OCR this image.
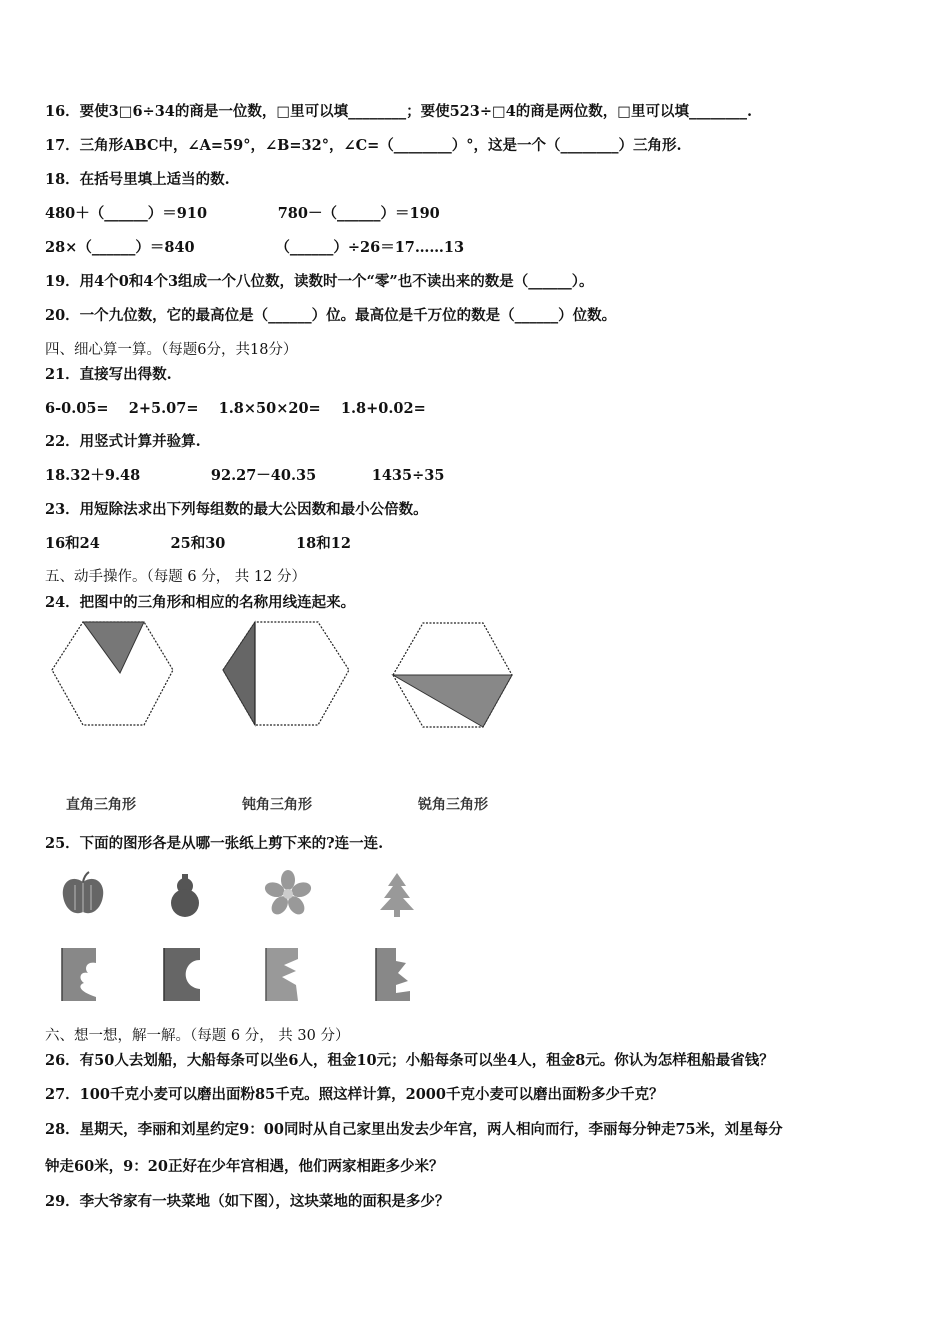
16．要使3□6÷34的商是一位数，□里可以填________；要使523÷□4的商是两位数，□里可以填________.
17．三角形ABC中，∠A=59°，∠B=32°，∠C=（________）°，这是一个（________）三角形.
18．在括号里填上适当的数.
480＋（______）＝910              780－（______）＝190
28×（______）＝840                （______）÷26＝17……13
19．用4个0和4个3组成一个八位数，读数时一个“零”也不读出来的数是（______）。
20．一个九位数，它的最高位是（______）位。最高位是千万位的数是（______）位数。
四、细心算一算。（每题6分，共18分）
21．直接写出得数.
6-0.05=    2+5.07=    1.8×50×20=    1.8+0.02=
22．用竖式计算并验算.
18.32＋9.48              92.27－40.35           1435÷35
23．用短除法求出下列每组数的最大公因数和最小公倍数。
16和24              25和30              18和12
五、动手操作。（每题 6 分， 共 12 分）
24．把图中的三角形和相应的名称用线连起来。
直角三角形	钝角三角形	锐角三角形
25．下面的图形各是从哪一张纸上剪下来的?连一连.
六、想一想，解一解。（每题 6 分， 共 30 分）
26．有50人去划船，大船每条可以坐6人，租金10元；小船每条可以坐4人，租金8元。你认为怎样租船最省钱？
27．100千克小麦可以磨出面粉85千克。照这样计算，2000千克小麦可以磨出面粉多少千克？
28．星期天，李丽和刘星约定9：00同时从自己家里出发去少年宫，两人相向而行，李丽每分钟走75米，刘星每分
钟走60米，9：20正好在少年宫相遇，他们两家相距多少米？
29．李大爷家有一块菜地（如下图），这块菜地的面积是多少？
